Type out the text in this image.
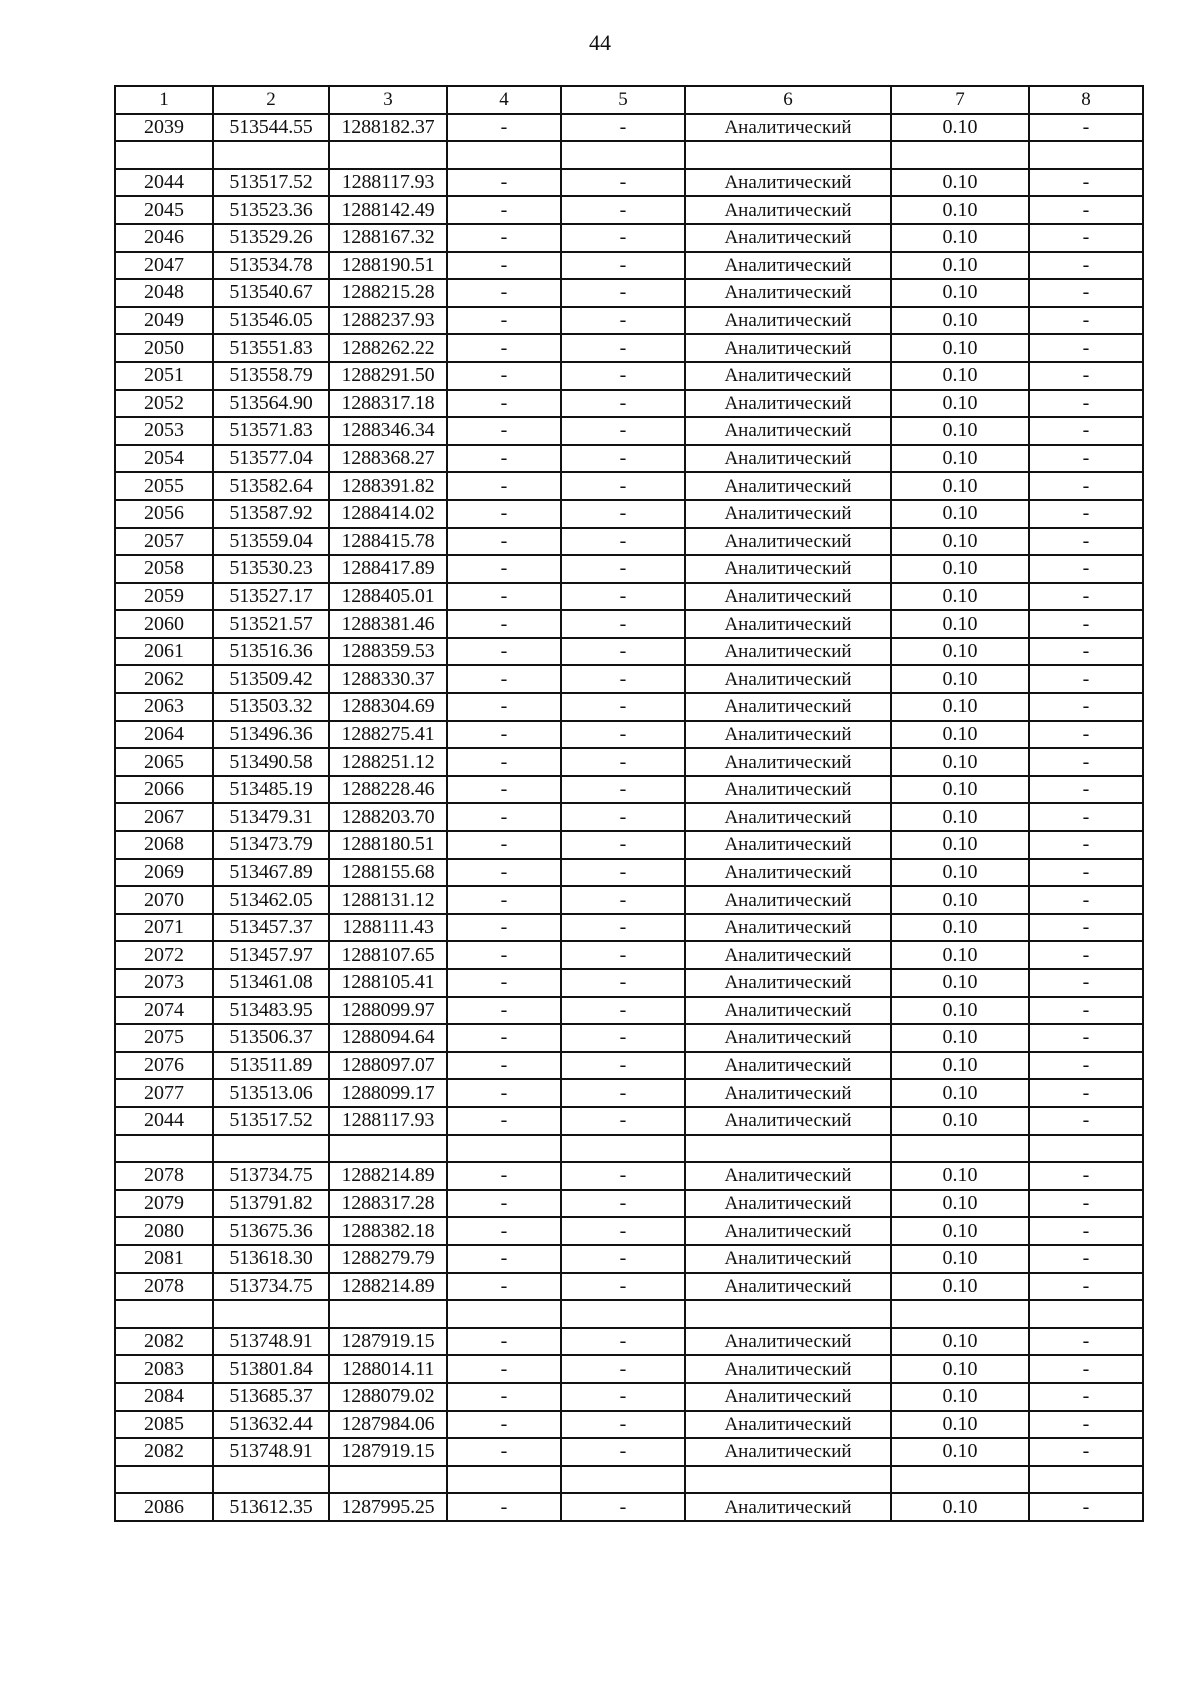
44
1	2	3	4	5	6	7	8
2039	513544.55	1288182.37	-	-	Аналитический	0.10	-

2044	513517.52	1288117.93	-	-	Аналитический	0.10	-
2045	513523.36	1288142.49	-	-	Аналитический	0.10	-
2046	513529.26	1288167.32	-	-	Аналитический	0.10	-
2047	513534.78	1288190.51	-	-	Аналитический	0.10	-
2048	513540.67	1288215.28	-	-	Аналитический	0.10	-
2049	513546.05	1288237.93	-	-	Аналитический	0.10	-
2050	513551.83	1288262.22	-	-	Аналитический	0.10	-
2051	513558.79	1288291.50	-	-	Аналитический	0.10	-
2052	513564.90	1288317.18	-	-	Аналитический	0.10	-
2053	513571.83	1288346.34	-	-	Аналитический	0.10	-
2054	513577.04	1288368.27	-	-	Аналитический	0.10	-
2055	513582.64	1288391.82	-	-	Аналитический	0.10	-
2056	513587.92	1288414.02	-	-	Аналитический	0.10	-
2057	513559.04	1288415.78	-	-	Аналитический	0.10	-
2058	513530.23	1288417.89	-	-	Аналитический	0.10	-
2059	513527.17	1288405.01	-	-	Аналитический	0.10	-
2060	513521.57	1288381.46	-	-	Аналитический	0.10	-
2061	513516.36	1288359.53	-	-	Аналитический	0.10	-
2062	513509.42	1288330.37	-	-	Аналитический	0.10	-
2063	513503.32	1288304.69	-	-	Аналитический	0.10	-
2064	513496.36	1288275.41	-	-	Аналитический	0.10	-
2065	513490.58	1288251.12	-	-	Аналитический	0.10	-
2066	513485.19	1288228.46	-	-	Аналитический	0.10	-
2067	513479.31	1288203.70	-	-	Аналитический	0.10	-
2068	513473.79	1288180.51	-	-	Аналитический	0.10	-
2069	513467.89	1288155.68	-	-	Аналитический	0.10	-
2070	513462.05	1288131.12	-	-	Аналитический	0.10	-
2071	513457.37	1288111.43	-	-	Аналитический	0.10	-
2072	513457.97	1288107.65	-	-	Аналитический	0.10	-
2073	513461.08	1288105.41	-	-	Аналитический	0.10	-
2074	513483.95	1288099.97	-	-	Аналитический	0.10	-
2075	513506.37	1288094.64	-	-	Аналитический	0.10	-
2076	513511.89	1288097.07	-	-	Аналитический	0.10	-
2077	513513.06	1288099.17	-	-	Аналитический	0.10	-
2044	513517.52	1288117.93	-	-	Аналитический	0.10	-

2078	513734.75	1288214.89	-	-	Аналитический	0.10	-
2079	513791.82	1288317.28	-	-	Аналитический	0.10	-
2080	513675.36	1288382.18	-	-	Аналитический	0.10	-
2081	513618.30	1288279.79	-	-	Аналитический	0.10	-
2078	513734.75	1288214.89	-	-	Аналитический	0.10	-

2082	513748.91	1287919.15	-	-	Аналитический	0.10	-
2083	513801.84	1288014.11	-	-	Аналитический	0.10	-
2084	513685.37	1288079.02	-	-	Аналитический	0.10	-
2085	513632.44	1287984.06	-	-	Аналитический	0.10	-
2082	513748.91	1287919.15	-	-	Аналитический	0.10	-

2086	513612.35	1287995.25	-	-	Аналитический	0.10	-
